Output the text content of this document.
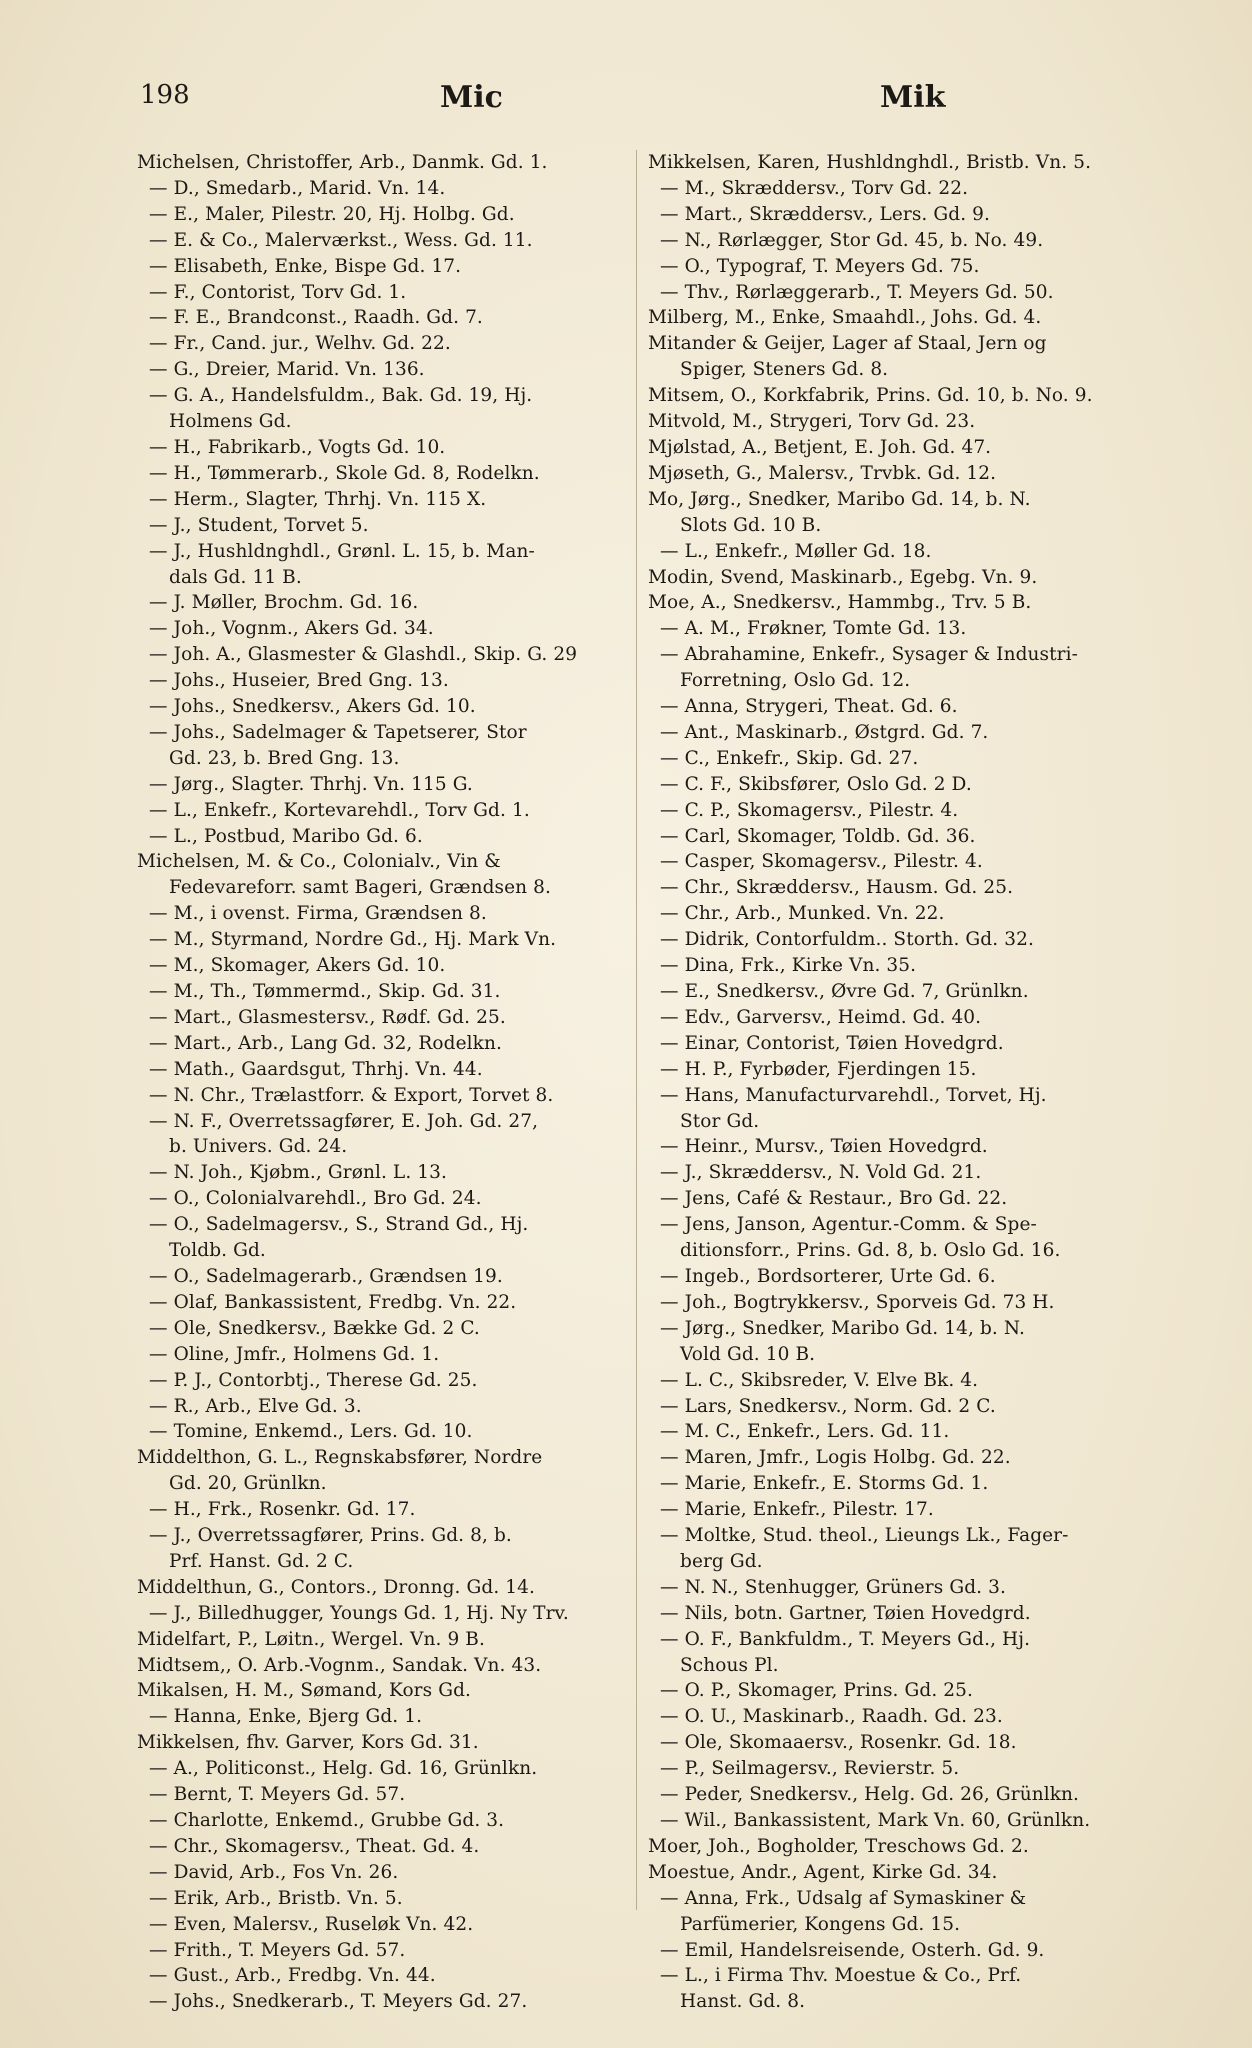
198	Mic	Mik
Michelsen, Christoffer, Arb., Danmk. Gd. 1.
— D., Smedarb., Marid. Vn. 14.
— E., Maler, Pilestr. 20, Hj. Holbg. Gd.
— E. & Co., Malerværkst., Wess. Gd. 11.
— Elisabeth, Enke, Bispe Gd. 17.
— F., Contorist, Torv Gd. 1.
— F. E., Brandconst., Raadh. Gd. 7.
— Fr., Cand. jur., Welhv. Gd. 22.
— G., Dreier, Marid. Vn. 136.
— G. A., Handelsfuldm., Bak. Gd. 19, Hj.
Holmens Gd.
— H., Fabrikarb., Vogts Gd. 10.
— H., Tømmerarb., Skole Gd. 8, Rodelkn.
— Herm., Slagter, Thrhj. Vn. 115 X.
— J., Student, Torvet 5.
— J., Hushldnghdl., Grønl. L. 15, b. Man-
dals Gd. 11 B.
— J. Møller, Brochm. Gd. 16.
— Joh., Vognm., Akers Gd. 34.
— Joh. A., Glasmester & Glashdl., Skip. G. 29
— Johs., Huseier, Bred Gng. 13.
— Johs., Snedkersv., Akers Gd. 10.
— Johs., Sadelmager & Tapetserer, Stor
Gd. 23, b. Bred Gng. 13.
— Jørg., Slagter. Thrhj. Vn. 115 G.
— L., Enkefr., Kortevarehdl., Torv Gd. 1.
— L., Postbud, Maribo Gd. 6.
Michelsen, M. & Co., Colonialv., Vin &
Fedevareforr. samt Bageri, Grændsen 8.
— M., i ovenst. Firma, Grændsen 8.
— M., Styrmand, Nordre Gd., Hj. Mark Vn.
— M., Skomager, Akers Gd. 10.
— M., Th., Tømmermd., Skip. Gd. 31.
— Mart., Glasmestersv., Rødf. Gd. 25.
— Mart., Arb., Lang Gd. 32, Rodelkn.
— Math., Gaardsgut, Thrhj. Vn. 44.
— N. Chr., Trælastforr. & Export, Torvet 8.
— N. F., Overretssagfører, E. Joh. Gd. 27,
b. Univers. Gd. 24.
— N. Joh., Kjøbm., Grønl. L. 13.
— O., Colonialvarehdl., Bro Gd. 24.
— O., Sadelmagersv., S., Strand Gd., Hj.
Toldb. Gd.
— O., Sadelmagerarb., Grændsen 19.
— Olaf, Bankassistent, Fredbg. Vn. 22.
— Ole, Snedkersv., Bække Gd. 2 C.
— Oline, Jmfr., Holmens Gd. 1.
— P. J., Contorbtj., Therese Gd. 25.
— R., Arb., Elve Gd. 3.
— Tomine, Enkemd., Lers. Gd. 10.
Middelthon, G. L., Regnskabsfører, Nordre
Gd. 20, Grünlkn.
— H., Frk., Rosenkr. Gd. 17.
— J., Overretssagfører, Prins. Gd. 8, b.
Prf. Hanst. Gd. 2 C.
Middelthun, G., Contors., Dronng. Gd. 14.
— J., Billedhugger, Youngs Gd. 1, Hj. Ny Trv.
Midelfart, P., Løitn., Wergel. Vn. 9 B.
Midtsem,, O. Arb.-Vognm., Sandak. Vn. 43.
Mikalsen, H. M., Sømand, Kors Gd.
— Hanna, Enke, Bjerg Gd. 1.
Mikkelsen, fhv. Garver, Kors Gd. 31.
— A., Politiconst., Helg. Gd. 16, Grünlkn.
— Bernt, T. Meyers Gd. 57.
— Charlotte, Enkemd., Grubbe Gd. 3.
— Chr., Skomagersv., Theat. Gd. 4.
— David, Arb., Fos Vn. 26.
— Erik, Arb., Bristb. Vn. 5.
— Even, Malersv., Ruseløk Vn. 42.
— Frith., T. Meyers Gd. 57.
— Gust., Arb., Fredbg. Vn. 44.
— Johs., Snedkerarb., T. Meyers Gd. 27.
Mikkelsen, Karen, Hushldnghdl., Bristb. Vn. 5.
— M., Skræddersv., Torv Gd. 22.
— Mart., Skræddersv., Lers. Gd. 9.
— N., Rørlægger, Stor Gd. 45, b. No. 49.
— O., Typograf, T. Meyers Gd. 75.
— Thv., Rørlæggerarb., T. Meyers Gd. 50.
Milberg, M., Enke, Smaahdl., Johs. Gd. 4.
Mitander & Geijer, Lager af Staal, Jern og
Spiger, Steners Gd. 8.
Mitsem, O., Korkfabrik, Prins. Gd. 10, b. No. 9.
Mitvold, M., Strygeri, Torv Gd. 23.
Mjølstad, A., Betjent, E. Joh. Gd. 47.
Mjøseth, G., Malersv., Trvbk. Gd. 12.
Mo, Jørg., Snedker, Maribo Gd. 14, b. N.
Slots Gd. 10 B.
— L., Enkefr., Møller Gd. 18.
Modin, Svend, Maskinarb., Egebg. Vn. 9.
Moe, A., Snedkersv., Hammbg., Trv. 5 B.
— A. M., Frøkner, Tomte Gd. 13.
— Abrahamine, Enkefr., Sysager & Industri-
Forretning, Oslo Gd. 12.
— Anna, Strygeri, Theat. Gd. 6.
— Ant., Maskinarb., Østgrd. Gd. 7.
— C., Enkefr., Skip. Gd. 27.
— C. F., Skibsfører, Oslo Gd. 2 D.
— C. P., Skomagersv., Pilestr. 4.
— Carl, Skomager, Toldb. Gd. 36.
— Casper, Skomagersv., Pilestr. 4.
— Chr., Skræddersv., Hausm. Gd. 25.
— Chr., Arb., Munked. Vn. 22.
— Didrik, Contorfuldm.. Storth. Gd. 32.
— Dina, Frk., Kirke Vn. 35.
— E., Snedkersv., Øvre Gd. 7, Grünlkn.
— Edv., Garversv., Heimd. Gd. 40.
— Einar, Contorist, Tøien Hovedgrd.
— H. P., Fyrbøder, Fjerdingen 15.
— Hans, Manufacturvarehdl., Torvet, Hj.
Stor Gd.
— Heinr., Mursv., Tøien Hovedgrd.
— J., Skræddersv., N. Vold Gd. 21.
— Jens, Café & Restaur., Bro Gd. 22.
— Jens, Janson, Agentur.-Comm. & Spe-
ditionsforr., Prins. Gd. 8, b. Oslo Gd. 16.
— Ingeb., Bordsorterer, Urte Gd. 6.
— Joh., Bogtrykkersv., Sporveis Gd. 73 H.
— Jørg., Snedker, Maribo Gd. 14, b. N.
Vold Gd. 10 B.
— L. C., Skibsreder, V. Elve Bk. 4.
— Lars, Snedkersv., Norm. Gd. 2 C.
— M. C., Enkefr., Lers. Gd. 11.
— Maren, Jmfr., Logis Holbg. Gd. 22.
— Marie, Enkefr., E. Storms Gd. 1.
— Marie, Enkefr., Pilestr. 17.
— Moltke, Stud. theol., Lieungs Lk., Fager-
berg Gd.
— N. N., Stenhugger, Grüners Gd. 3.
— Nils, botn. Gartner, Tøien Hovedgrd.
— O. F., Bankfuldm., T. Meyers Gd., Hj.
Schous Pl.
— O. P., Skomager, Prins. Gd. 25.
— O. U., Maskinarb., Raadh. Gd. 23.
— Ole, Skomaaersv., Rosenkr. Gd. 18.
— P., Seilmagersv., Revierstr. 5.
— Peder, Snedkersv., Helg. Gd. 26, Grünlkn.
— Wil., Bankassistent, Mark Vn. 60, Grünlkn.
Moer, Joh., Bogholder, Treschows Gd. 2.
Moestue, Andr., Agent, Kirke Gd. 34.
— Anna, Frk., Udsalg af Symaskiner &
Parfümerier, Kongens Gd. 15.
— Emil, Handelsreisende, Osterh. Gd. 9.
— L., i Firma Thv. Moestue & Co., Prf.
Hanst. Gd. 8.
